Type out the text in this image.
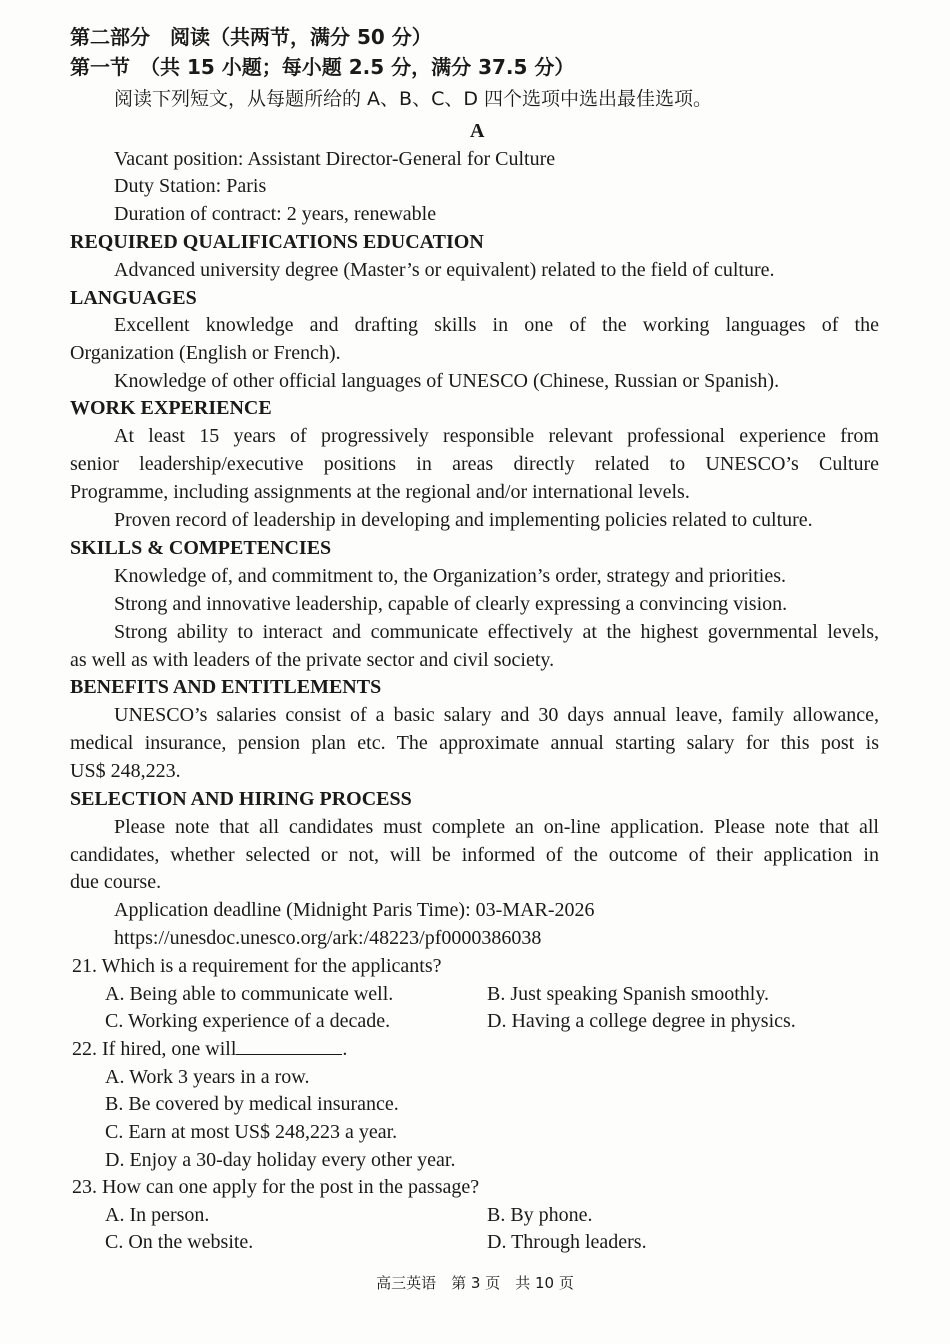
第二部分　阅读（共两节，满分 50 分）
第一节　（共 15 小题；每小题 2.5 分，满分 37.5 分）
阅读下列短文，从每题所给的 A、B、C、D 四个选项中选出最佳选项。
A
Vacant position: Assistant Director-General for Culture
Duty Station: Paris
Duration of contract: 2 years, renewable
REQUIRED QUALIFICATIONS EDUCATION
Advanced university degree (Master’s or equivalent) related to the field of culture.
LANGUAGES
Excellent knowledge and drafting skills in one of the working languages of the
Organization (English or French).
Knowledge of other official languages of UNESCO (Chinese, Russian or Spanish).
WORK EXPERIENCE
At least 15 years of progressively responsible relevant professional experience from
senior leadership/executive positions in areas directly related to UNESCO’s Culture
Programme, including assignments at the regional and/or international levels.
Proven record of leadership in developing and implementing policies related to culture.
SKILLS & COMPETENCIES
Knowledge of, and commitment to, the Organization’s order, strategy and priorities.
Strong and innovative leadership, capable of clearly expressing a convincing vision.
Strong ability to interact and communicate effectively at the highest governmental levels,
as well as with leaders of the private sector and civil society.
BENEFITS AND ENTITLEMENTS
UNESCO’s salaries consist of a basic salary and 30 days annual leave, family allowance,
medical insurance, pension plan etc. The approximate annual starting salary for this post is
US$ 248,223.
SELECTION AND HIRING PROCESS
Please note that all candidates must complete an on-line application. Please note that all
candidates, whether selected or not, will be informed of the outcome of their application in
due course.
Application deadline (Midnight Paris Time): 03-MAR-2026
https://unesdoc.unesco.org/ark:/48223/pf0000386038
21. Which is a requirement for the applicants?
A. Being able to communicate well.	B. Just speaking Spanish smoothly.
C. Working experience of a decade.	D. Having a college degree in physics.
22. If hired, one will	.
A. Work 3 years in a row.
B. Be covered by medical insurance.
C. Earn at most US$ 248,223 a year.
D. Enjoy a 30-day holiday every other year.
23. How can one apply for the post in the passage?
A. In person.	B. By phone.
C. On the website.	D. Through leaders.
高三英语　第 3 页　共 10 页
